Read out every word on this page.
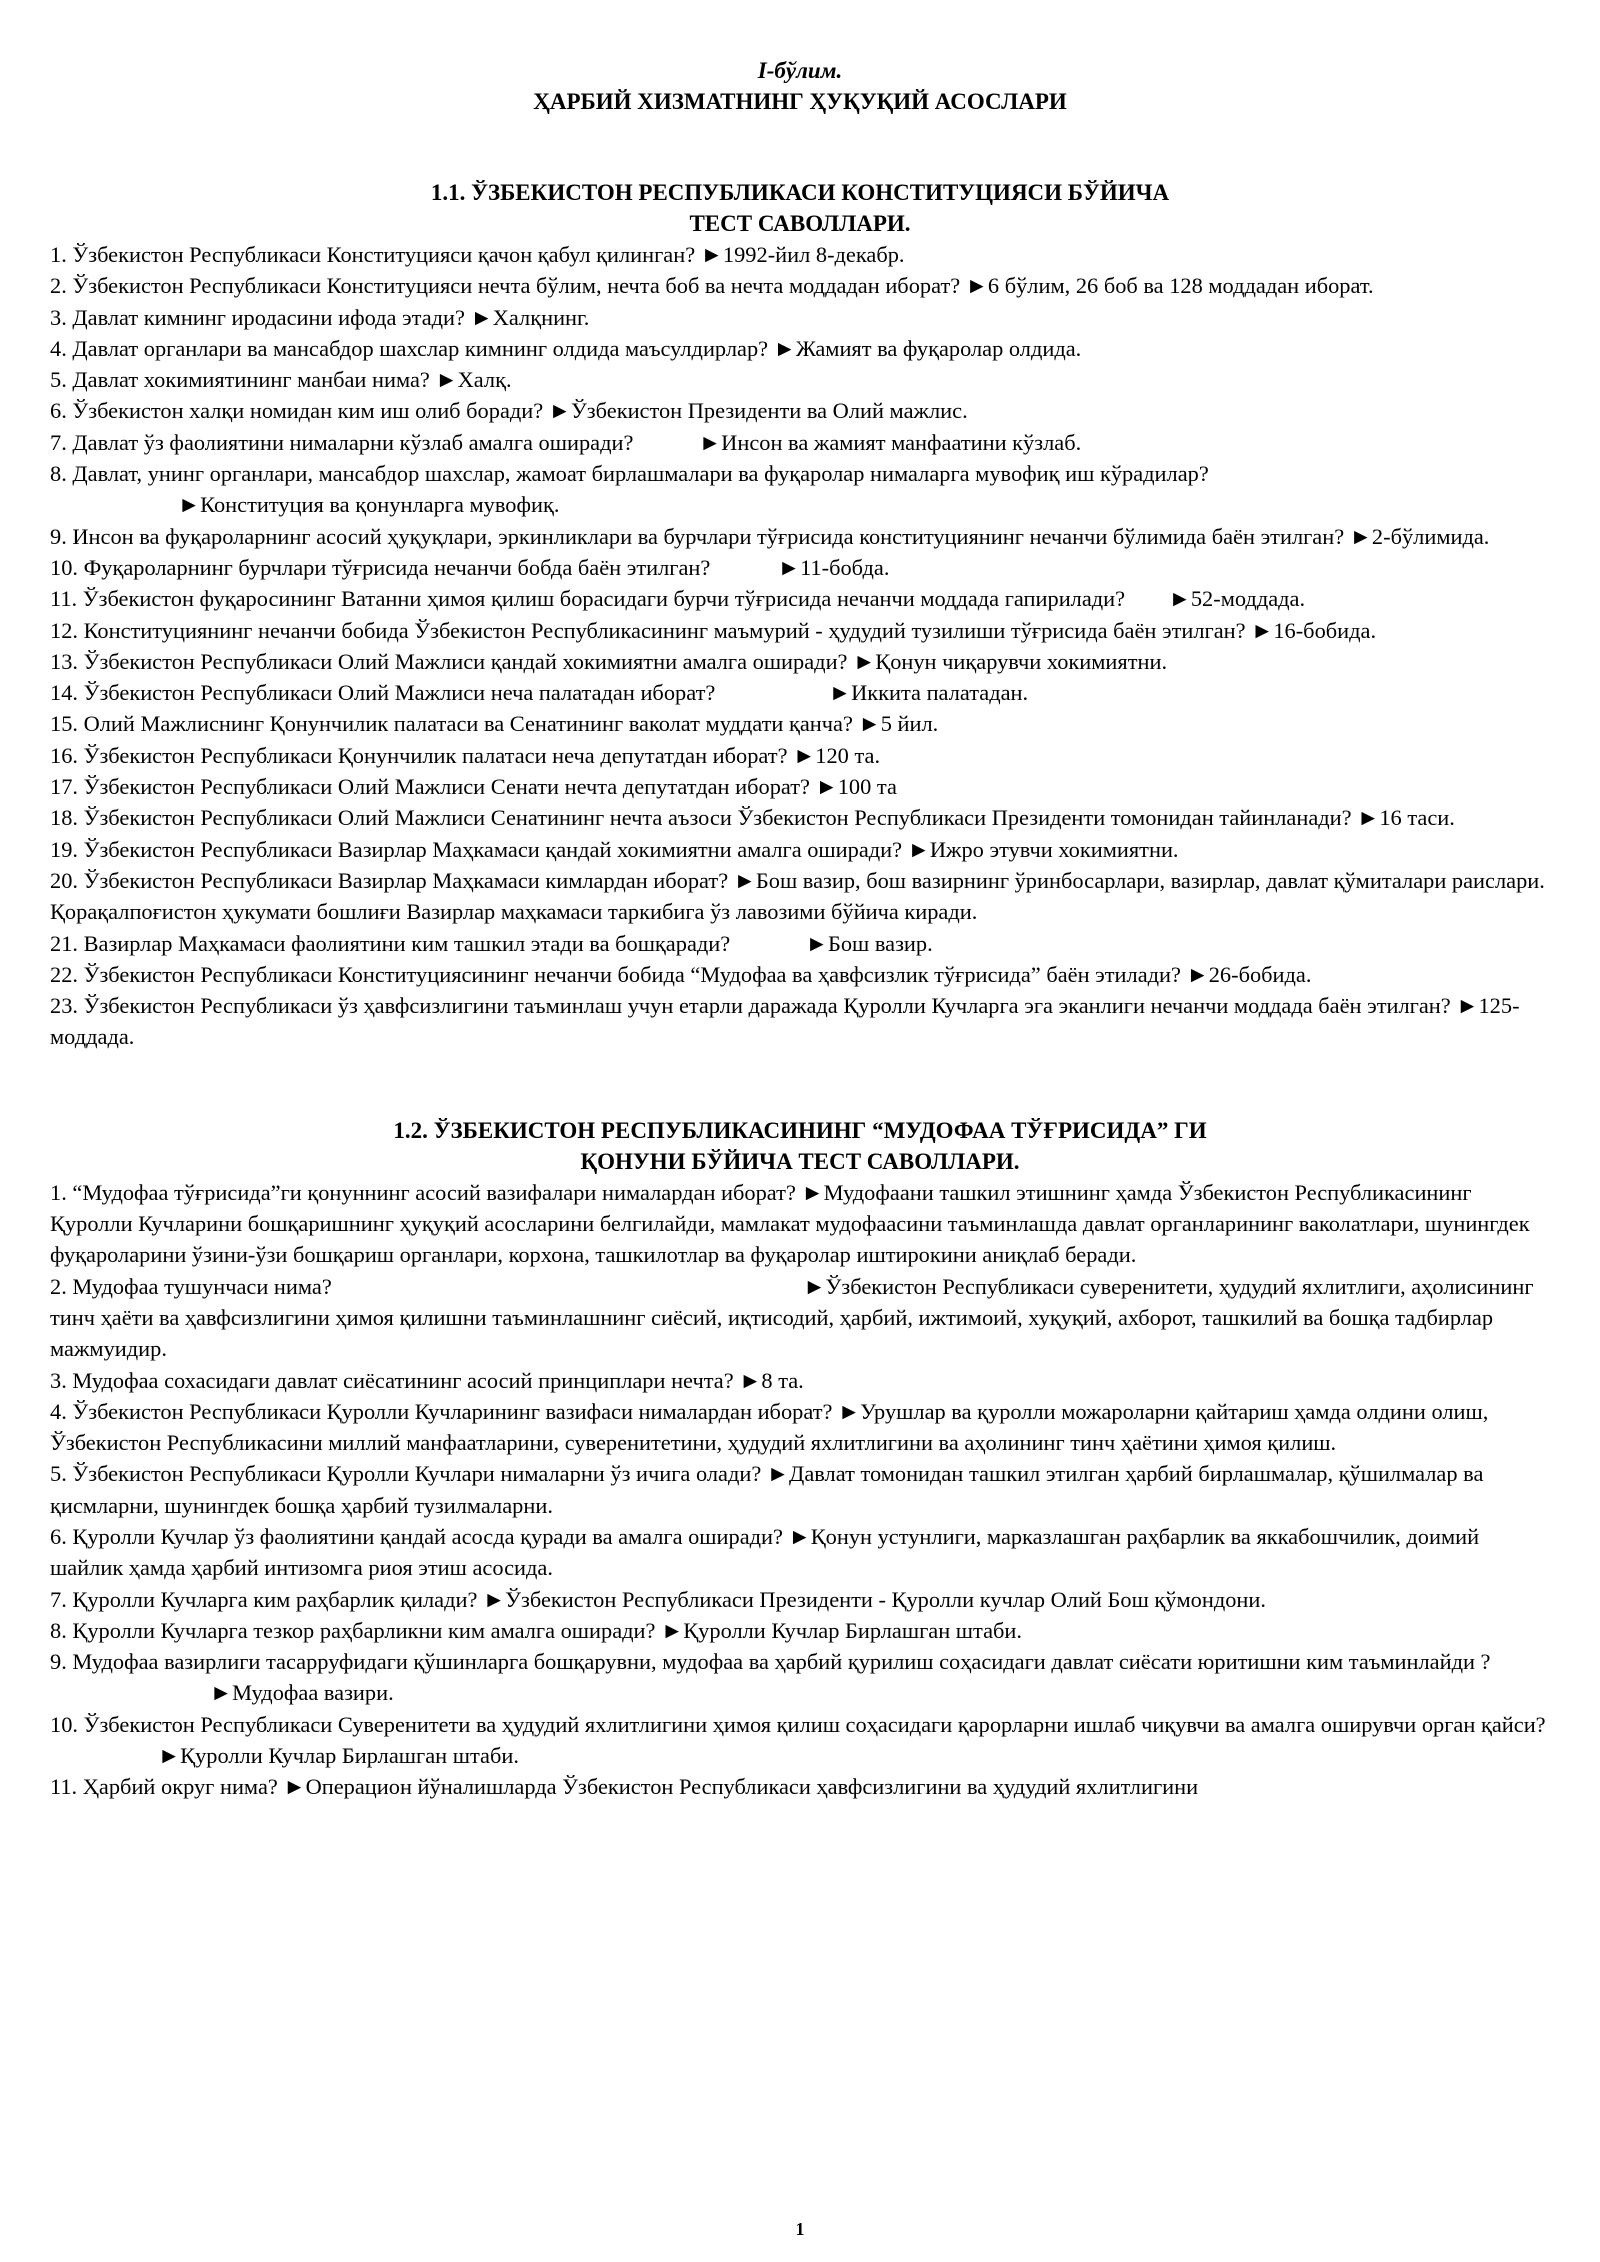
I-бўлим.
ҲАРБИЙ ХИЗМАТНИНГ ҲУҚУҚИЙ АСОСЛАРИ
1.1. ЎЗБЕКИСТОН РЕСПУБЛИКАСИ КОНСТИТУЦИЯСИ БЎЙИЧА
ТЕСТ САВОЛЛАРИ.

1. Ўзбекистон Республикаси Конституцияси қачон қабул қилинган? ►1992-йил 8-декабр.

2. Ўзбекистон Республикаси Конституцияси нечта бўлим, нечта боб ва нечта моддадан иборат? ►6 бўлим, 26 боб ва 128 моддадан иборат.

3. Давлат кимнинг иродасини ифода этади? ►Халқнинг.

4. Давлат органлари ва мансабдор шахслар кимнинг олдида маъсулдирлар? ►Жамият ва фуқаролар олдида.

5. Давлат хокимиятининг манбаи нима? ►Халқ.

6. Ўзбекистон халқи номидан ким иш олиб боради? ►Ўзбекистон Президенти ва Олий мажлис.

7. Давлат ўз фаолиятини нималарни кўзлаб амалга оширади?	►Инсон ва жамият манфаатини кўзлаб.

8. Давлат, унинг органлари, мансабдор шахслар, жамоат бирлашмалари ва фуқаролар нималарга мувофиқ иш кўрадилар?
►Конституция ва қонунларга мувофиқ.

9. Инсон ва фуқароларнинг асосий ҳуқуқлари, эркинликлари ва бурчлари тўғрисида конституциянинг нечанчи бўлимида баён этилган? ►2-бўлимида.

10. Фуқароларнинг бурчлари тўғрисида нечанчи бобда баён этилган?	►11-бобда.

11. Ўзбекистон фуқаросининг Ватанни ҳимоя қилиш борасидаги бурчи тўғрисида нечанчи моддада гапирилади? ►52-моддада.

12. Конституциянинг нечанчи бобида Ўзбекистон Республикасининг маъмурий - ҳудудий тузилиши тўғрисида баён этилган? ►16-бобида.

13. Ўзбекистон Республикаси Олий Мажлиси қандай хокимиятни амалга оширади? ►Қонун чиқарувчи хокимиятни.

14. Ўзбекистон Республикаси Олий Мажлиси неча палатадан иборат?	►Иккита палатадан.

15. Олий Мажлиснинг Қонунчилик палатаси ва Сенатининг ваколат муддати қанча? ►5 йил.

16. Ўзбекистон Республикаси Қонунчилик палатаси неча депутатдан иборат? ►120 та.

17. Ўзбекистон Республикаси Олий Мажлиси Сенати нечта депутатдан иборат? ►100 та

18. Ўзбекистон Республикаси Олий Мажлиси Сенатининг нечта аъзоси Ўзбекистон Республикаси Президенти томонидан тайинланади? ►16 таси.

19. Ўзбекистон Республикаси Вазирлар Маҳкамаси қандай хокимиятни амалга оширади? ►Ижро этувчи хокимиятни.

20. Ўзбекистон Республикаси Вазирлар Маҳкамаси кимлардан иборат? ►Бош вазир, бош вазирнинг ўринбосарлари, вазирлар, давлат қўмиталари раислари. Қорақалпоғистон ҳукумати бошлиғи Вазирлар маҳкамаси таркибига ўз лавозими бўйича киради.

21. Вазирлар Маҳкамаси фаолиятини ким ташкил этади ва бошқаради?	►Бош вазир.

22. Ўзбекистон Республикаси Конституциясининг нечанчи бобида “Мудофаа ва ҳавфсизлик тўғрисида” баён этилади? ►26-бобида.

23. Ўзбекистон Республикаси ўз ҳавфсизлигини таъминлаш учун етарли даражада Қуролли Кучларга эга эканлиги нечанчи моддада баён этилган? ►125-моддада.

1.2. ЎЗБЕКИСТОН РЕСПУБЛИКАСИНИНГ “МУДОФАА ТЎҒРИСИДА” ГИ
ҚОНУНИ БЎЙИЧА ТЕСТ САВОЛЛАРИ.

1. “Мудофаа тўғрисида”ги қонуннинг асосий вазифалари нималардан иборат? ►Мудофаани ташкил этишнинг ҳамда Ўзбекистон Республикасининг Қуролли Кучларини бошқаришнинг ҳуқуқий асосларини белгилайди, мамлакат мудофаасини таъминлашда давлат органларининг ваколатлари, шунингдек фуқароларини ўзини-ўзи бошқариш органлари, корхона, ташкилотлар ва фуқаролар иштирокини аниқлаб беради.

2. Мудофаа тушунчаси нима?	►Ўзбекистон Республикаси суверенитети, ҳудудий яхлитлиги, аҳолисининг тинч ҳаёти ва ҳавфсизлигини ҳимоя қилишни таъминлашнинг сиёсий, иқтисодий, ҳарбий, ижтимоий, хуқуқий, ахборот, ташкилий ва бошқа тадбирлар мажмуидир.

3. Мудофаа сохасидаги давлат сиёсатининг асосий принциплари нечта? ►8 та.

4. Ўзбекистон Республикаси Қуролли Кучларининг вазифаси нималардан иборат? ►Урушлар ва қуролли можароларни қайтариш ҳамда олдини олиш, Ўзбекистон Республикасини миллий манфаатларини, суверенитетини, ҳудудий яхлитлигини ва аҳолининг тинч ҳаётини ҳимоя қилиш.

5. Ўзбекистон Республикаси Қуролли Кучлари нималарни ўз ичига олади? ►Давлат томонидан ташкил этилган ҳарбий бирлашмалар, қўшилмалар ва қисмларни, шунингдек бошқа ҳарбий тузилмаларни.

6. Қуролли Кучлар ўз фаолиятини қандай асосда қуради ва амалга оширади? ►Қонун устунлиги, марказлашган раҳбарлик ва яккабошчилик, доимий шайлик ҳамда ҳарбий интизомга риоя этиш асосида.

7. Қуролли Кучларга ким раҳбарлик қилади? ►Ўзбекистон Республикаси Президенти - Қуролли кучлар Олий Бош қўмондони.

8. Қуролли Кучларга тезкор раҳбарликни ким амалга оширади? ►Қуролли Кучлар Бирлашган штаби.

9. Мудофаа вазирлиги тасарруфидаги қўшинларга бошқарувни, мудофаа ва ҳарбий қурилиш соҳасидаги давлат сиёсати юритишни ким таъминлайди ?
►Мудофаа вазири.

10. Ўзбекистон Республикаси Суверенитети ва ҳудудий яхлитлигини ҳимоя қилиш соҳасидаги қарорларни ишлаб чиқувчи ва амалга оширувчи орган қайси?
►Қуролли Кучлар Бирлашган штаби.

11. Ҳарбий округ нима? ►Операцион йўналишларда Ўзбекистон Республикаси ҳавфсизлигини ва ҳудудий яхлитлигини

1
